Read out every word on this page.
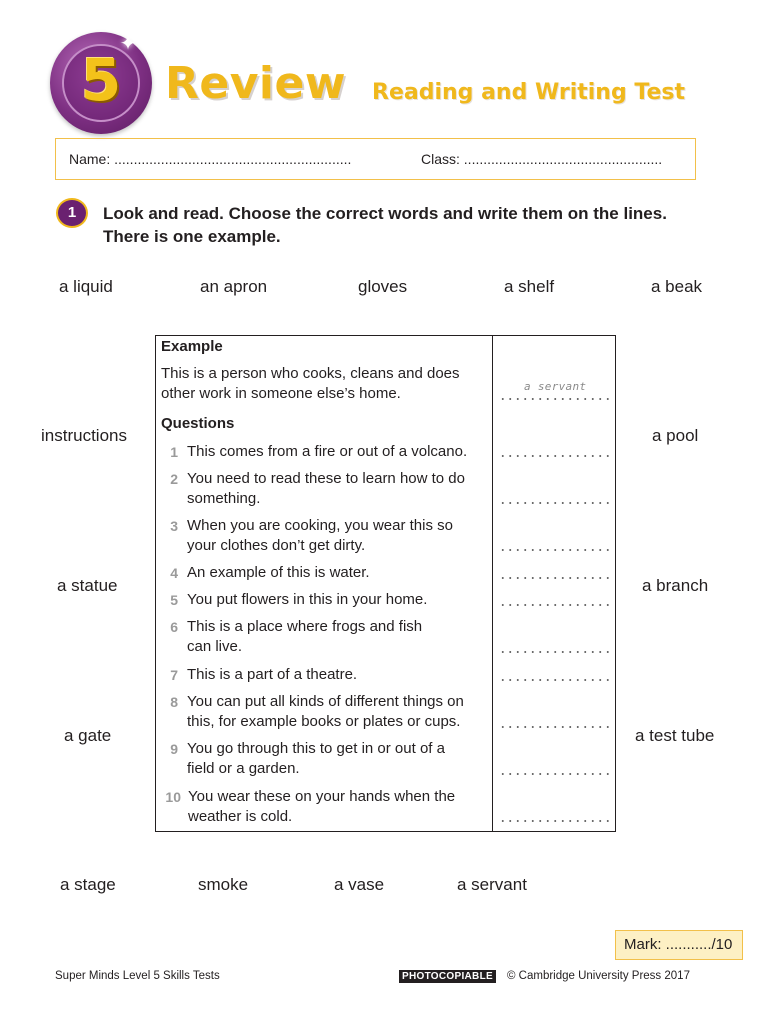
5
✦
Review Reading and Writing Test
Name: .............................................................	Class: ...................................................
1	Look and read. Choose the correct words and write them on the lines.
There is one example.
a liquid	an apron	gloves	a shelf	a beak
instructions	a pool
a statue	a branch
a gate	a test tube
a stage	smoke	a vase	a servant
Example
This is a person who cooks, cleans and does
other work in someone else’s home.	a servant
Questions
1 This comes from a fire or out of a volcano.
2 You need to read these to learn how to do
something.
3 When you are cooking, you wear this so
your clothes don’t get dirty.
4 An example of this is water.
5 You put flowers in this in your home.
6 This is a place where frogs and fish
can live.
7 This is a part of a theatre.
8 You can put all kinds of different things on
this, for example books or plates or cups.
9 You go through this to get in or out of a
field or a garden.
10 You wear these on your hands when the
weather is cold.
Mark: .........../10
Super Minds Level 5 Skills Tests	PHOTOCOPIABLE © Cambridge University Press 2017
